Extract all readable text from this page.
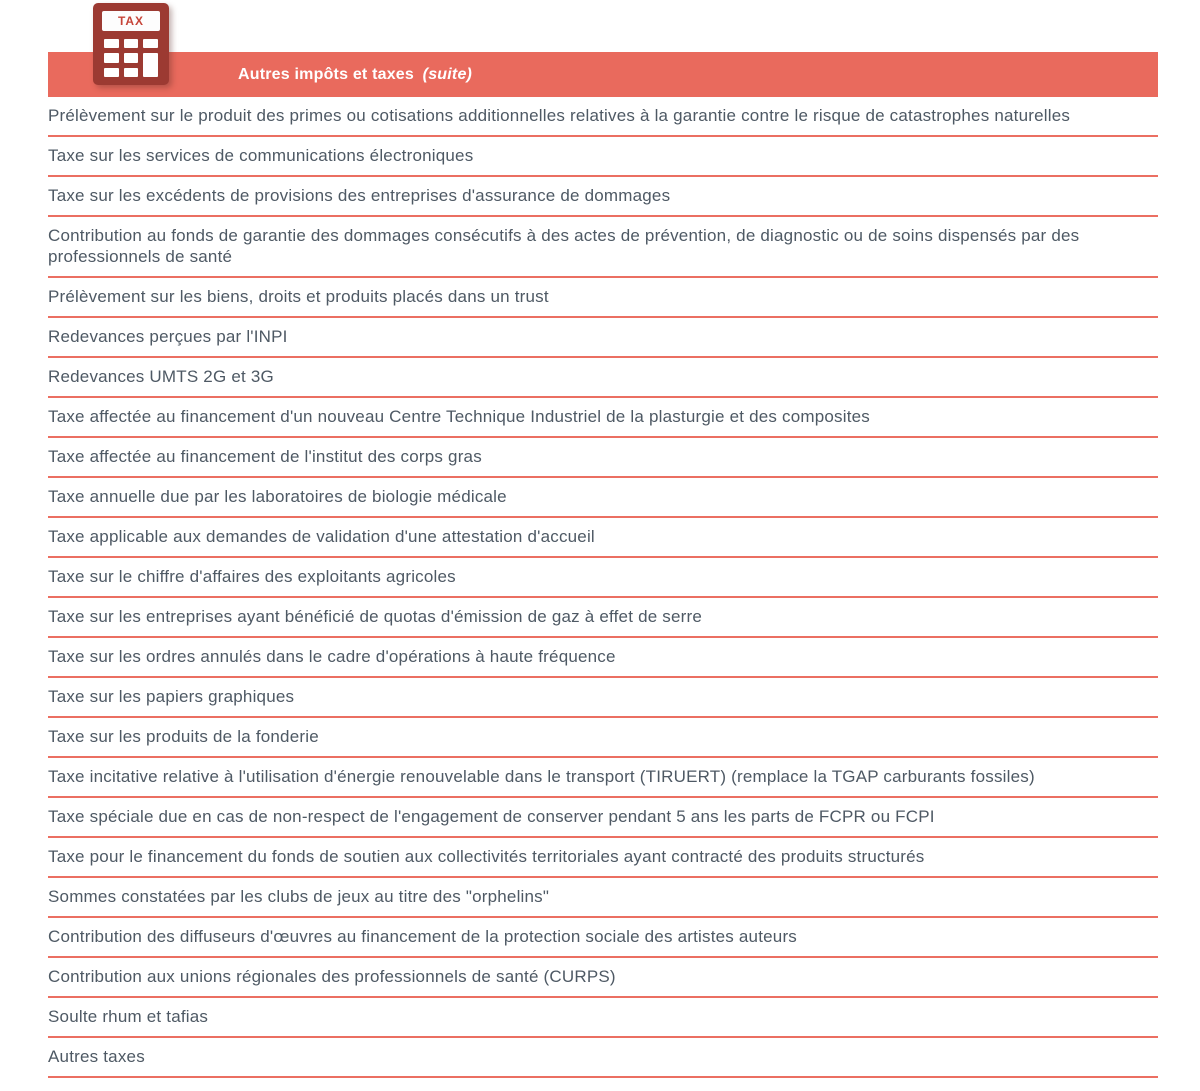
Autres impôts et taxes (suite)
TAX
Prélèvement sur le produit des primes ou cotisations additionnelles relatives à la garantie contre le risque de catastrophes naturelles
Taxe sur les services de communications électroniques
Taxe sur les excédents de provisions des entreprises d'assurance de dommages
Contribution au fonds de garantie des dommages consécutifs à des actes de prévention, de diagnostic ou de soins dispensés par des professionnels de santé
Prélèvement sur les biens, droits et produits placés dans un trust
Redevances perçues par l'INPI
Redevances UMTS 2G et 3G
Taxe affectée au financement d'un nouveau Centre Technique Industriel de la plasturgie et des composites
Taxe affectée au financement de l'institut des corps gras
Taxe annuelle due par les laboratoires de biologie médicale
Taxe applicable aux demandes de validation d'une attestation d'accueil
Taxe sur le chiffre d'affaires des exploitants agricoles
Taxe sur les entreprises ayant bénéficié de quotas d'émission de gaz à effet de serre
Taxe sur les ordres annulés dans le cadre d'opérations à haute fréquence
Taxe sur les papiers graphiques
Taxe sur les produits de la fonderie
Taxe incitative relative à l'utilisation d'énergie renouvelable dans le transport (TIRUERT) (remplace la TGAP carburants fossiles)
Taxe spéciale due en cas de non-respect de l'engagement de conserver pendant 5 ans les parts de FCPR ou FCPI
Taxe pour le financement du fonds de soutien aux collectivités territoriales ayant contracté des produits structurés
Sommes constatées par les clubs de jeux au titre des "orphelins"
Contribution des diffuseurs d'œuvres au financement de la protection sociale des artistes auteurs
Contribution aux unions régionales des professionnels de santé (CURPS)
Soulte rhum et tafias
Autres taxes
